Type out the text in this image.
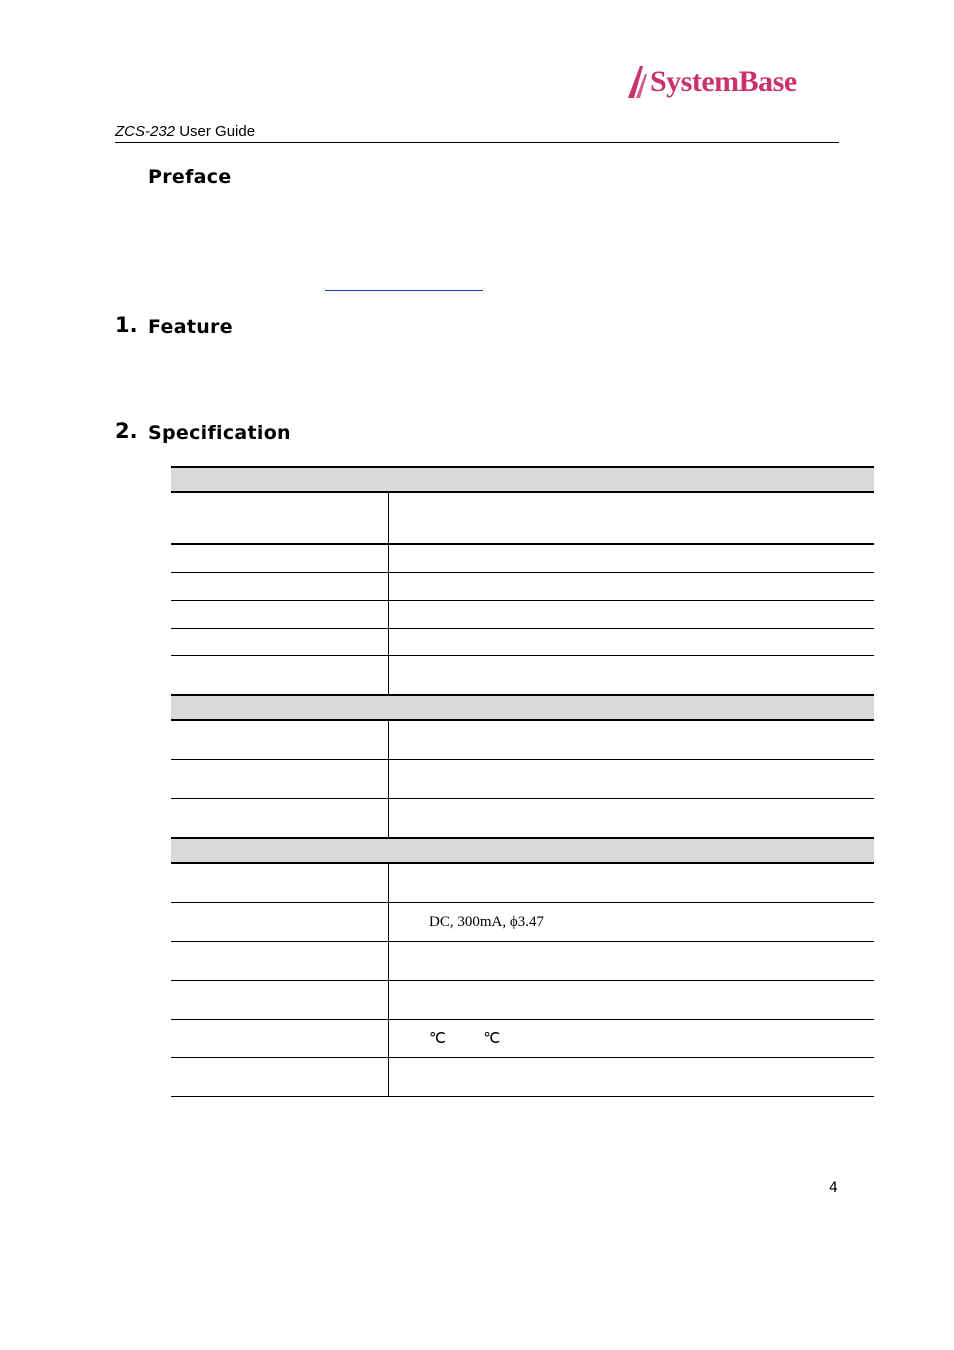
SystemBase
ZCS-232 User Guide
Preface
1. Feature
2. Specification
DC, 300mA, ϕ3.47
℃          ℃
4
